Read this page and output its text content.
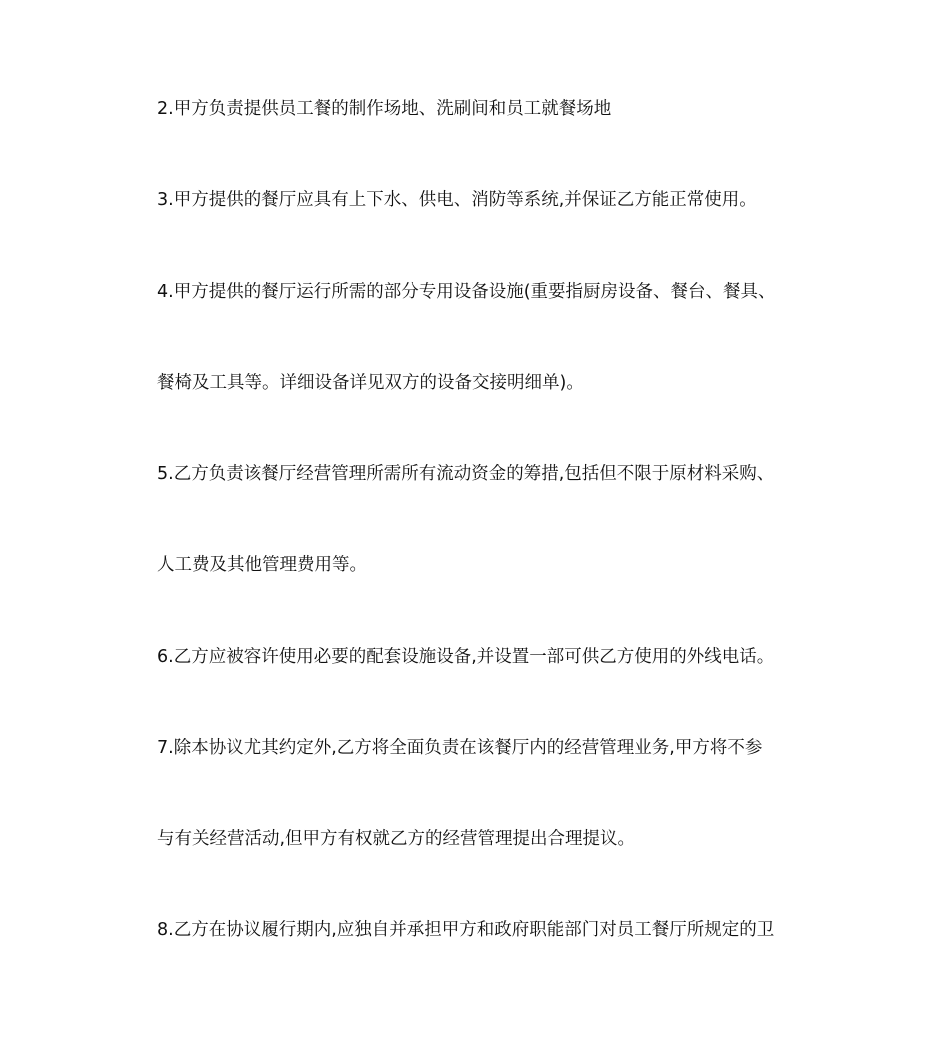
2.甲方负责提供员工餐的制作场地、洗刷间和员工就餐场地
3.甲方提供的餐厅应具有上下水、供电、消防等系统,并保证乙方能正常使用。
4.甲方提供的餐厅运行所需的部分专用设备设施(重要指厨房设备、餐台、餐具、
餐椅及工具等。详细设备详见双方的设备交接明细单)。
5.乙方负责该餐厅经营管理所需所有流动资金的筹措,包括但不限于原材料采购、
人工费及其他管理费用等。
6.乙方应被容许使用必要的配套设施设备,并设置一部可供乙方使用的外线电话。
7.除本协议尤其约定外,乙方将全面负责在该餐厅内的经营管理业务,甲方将不参
与有关经营活动,但甲方有权就乙方的经营管理提出合理提议。
8.乙方在协议履行期内,应独自并承担甲方和政府职能部门对员工餐厅所规定的卫
